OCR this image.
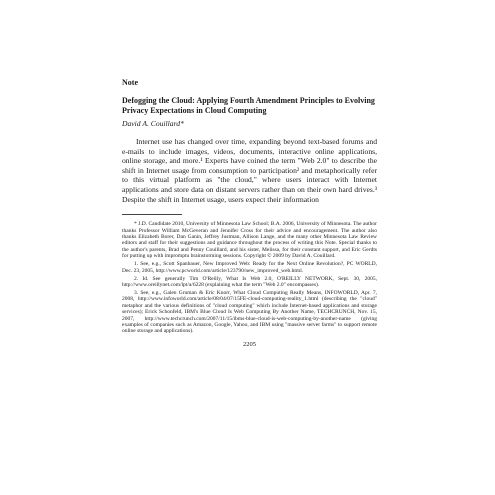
Note
Defogging the Cloud: Applying Fourth Amendment Principles to Evolving Privacy Expectations in Cloud Computing
David A. Couillard*

Internet use has changed over time, expanding beyond text-based forums and e-mails to include images, videos, documents, interactive online applications, online storage, and more.¹ Experts have coined the term "Web 2.0" to describe the shift in Internet usage from consumption to participation² and metaphorically refer to this virtual platform as "the cloud," where users interact with Internet applications and store data on distant servers rather than on their own hard drives.³ Despite the shift in Internet usage, users expect their information

* J.D. Candidate 2010, University of Minnesota Law School; B.A. 2006, University of Minnesota. The author thanks Professor William McGeveran and Jennifer Cross for their advice and encouragement. The author also thanks Elizabeth Borer, Dan Ganin, Jeffrey Justman, Allison Lange, and the many other Minnesota Law Review editors and staff for their suggestions and guidance throughout the process of writing this Note. Special thanks to the author's parents, Brad and Penny Couillard, and his sister, Melissa, for their constant support, and Eric Gerdts for putting up with impromptu brainstorming sessions. Copyright © 2009 by David A. Couillard.

1. See, e.g., Scott Spanbauer, New Improved Web: Ready for the Next Online Revolution?, PC WORLD, Dec. 23, 2005, http://www.pcworld.com/article/123790/new_improved_web.html.

2. Id. See generally Tim O'Reilly, What Is Web 2.0, O'REILLY NETWORK, Sept. 30, 2005, http://www.oreillynet.com/lpt/a/6228 (explaining what the term "Web 2.0" encompasses).

3. See, e.g., Galen Gruman & Eric Knorr, What Cloud Computing Really Means, INFOWORLD, Apr. 7, 2008, http://www.infoworld.com/article/08/04/07/15FE-cloud-computing-reality_1.html (describing the "cloud" metaphor and the various definitions of "cloud computing" which include Internet-based applications and storage services); Erick Schonfeld, IBM's Blue Cloud Is Web Computing By Another Name, TECHCRUNCH, Nov. 15, 2007, http://www.techcrunch.com/2007/11/15/ibms-blue-cloud-is-web-computing-by-another-name (giving examples of companies such as Amazon, Google, Yahoo, and IBM using "massive server farms" to support remote online storage and applications).

2205
